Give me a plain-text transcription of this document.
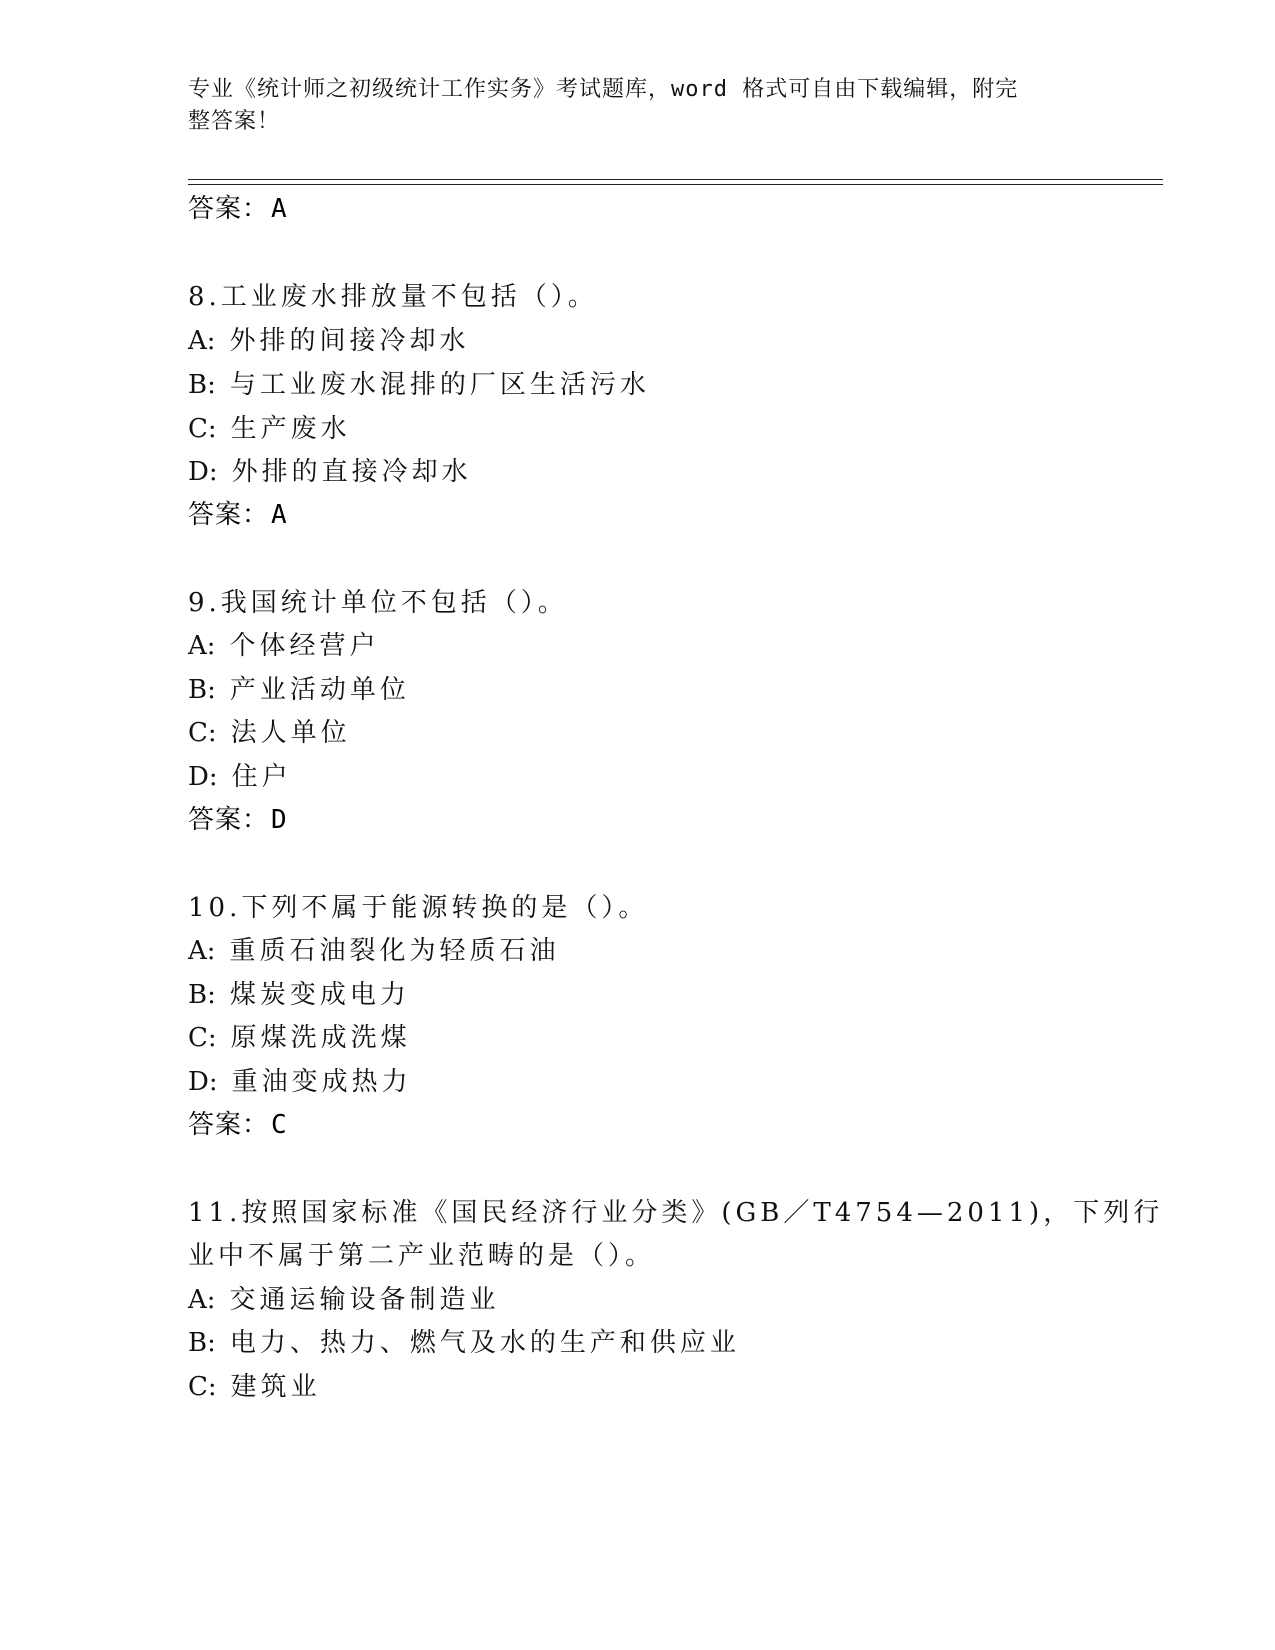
专业《统计师之初级统计工作实务》考试题库，word 格式可自由下载编辑，附完
整答案！
答案：A
8.工业废水排放量不包括（）。
A: 外排的间接冷却水
B: 与工业废水混排的厂区生活污水
C: 生产废水
D: 外排的直接冷却水
答案：A
9.我国统计单位不包括（）。
A: 个体经营户
B: 产业活动单位
C: 法人单位
D: 住户
答案：D
10.下列不属于能源转换的是（）。
A: 重质石油裂化为轻质石油
B: 煤炭变成电力
C: 原煤洗成洗煤
D: 重油变成热力
答案：C
11.按照国家标准《国民经济行业分类》(GB／T4754—2011)，下列行
业中不属于第二产业范畴的是（）。
A: 交通运输设备制造业
B: 电力、热力、燃气及水的生产和供应业
C: 建筑业
